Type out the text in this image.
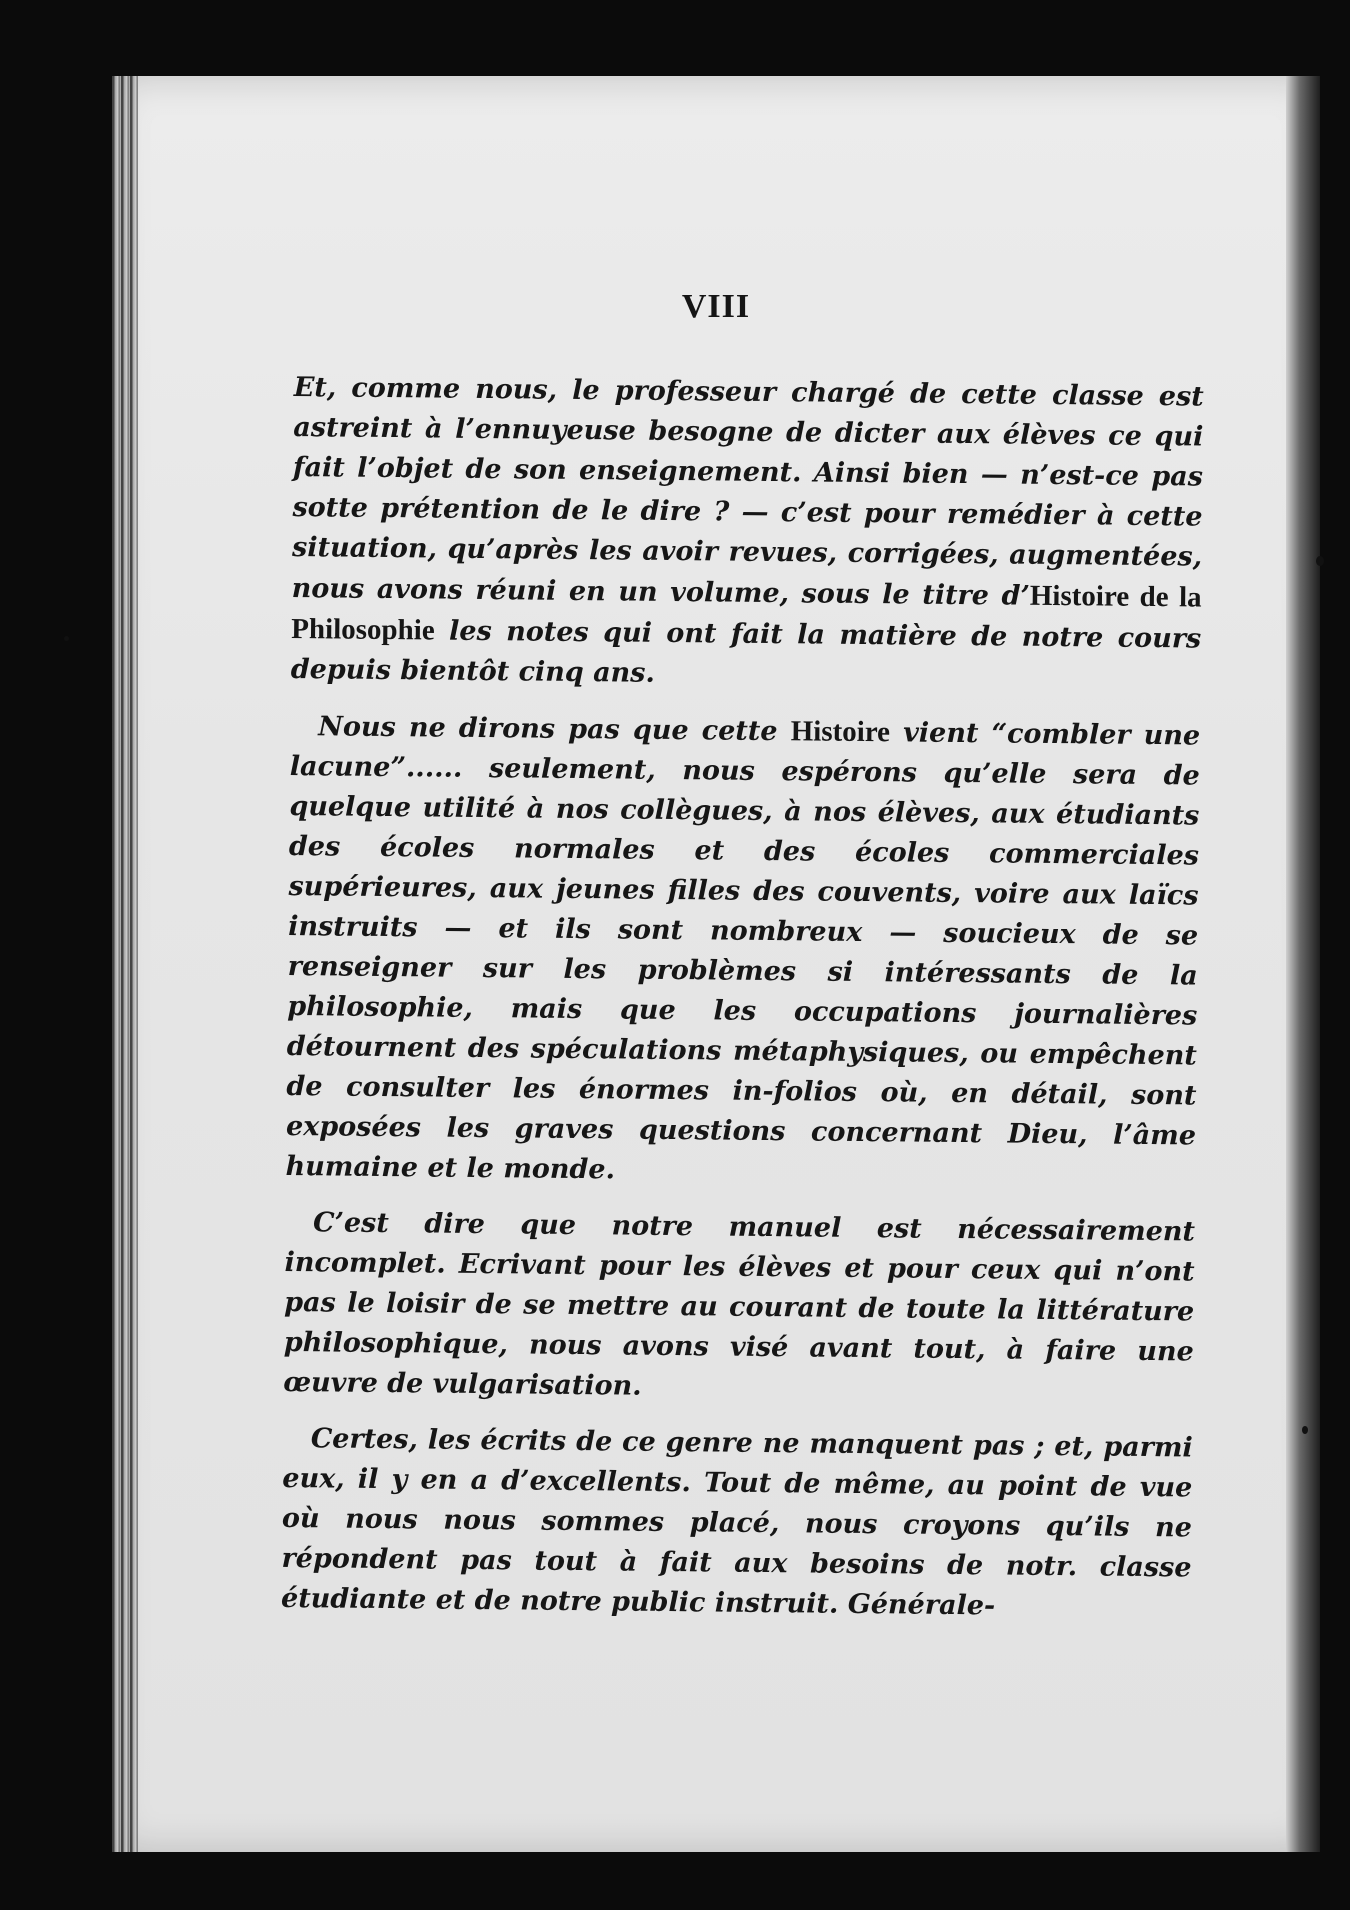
VIII

Et, comme nous, le professeur chargé de cette classe est astreint à l’ennuyeuse besogne de dicter aux élèves ce qui fait l’objet de son enseignement. Ainsi bien — n’est-ce pas sotte prétention de le dire ? — c’est pour remédier à cette situation, qu’après les avoir revues, corrigées, augmentées, nous avons réuni en un volume, sous le titre d’Histoire de la Philosophie les notes qui ont fait la matière de notre cours depuis bientôt cinq ans.

Nous ne dirons pas que cette Histoire vient “combler une lacune”...... seulement, nous espérons qu’elle sera de quelque utilité à nos collègues, à nos élèves, aux étudiants des écoles normales et des écoles commerciales supérieures, aux jeunes filles des couvents, voire aux laïcs instruits — et ils sont nombreux — soucieux de se renseigner sur les problèmes si intéressants de la philosophie, mais que les occupations journalières détournent des spéculations métaphysiques, ou empêchent de consulter les énormes in-folios où, en détail, sont exposées les graves questions concernant Dieu, l’âme humaine et le monde.

C’est dire que notre manuel est nécessairement incomplet. Ecrivant pour les élèves et pour ceux qui n’ont pas le loisir de se mettre au courant de toute la littérature philosophique, nous avons visé avant tout, à faire une œuvre de vulgarisation.

Certes, les écrits de ce genre ne manquent pas ; et, parmi eux, il y en a d’excellents. Tout de même, au point de vue où nous nous sommes placé, nous croyons qu’ils ne répondent pas tout à fait aux besoins de notr. classe étudiante et de notre public instruit. Générale-
